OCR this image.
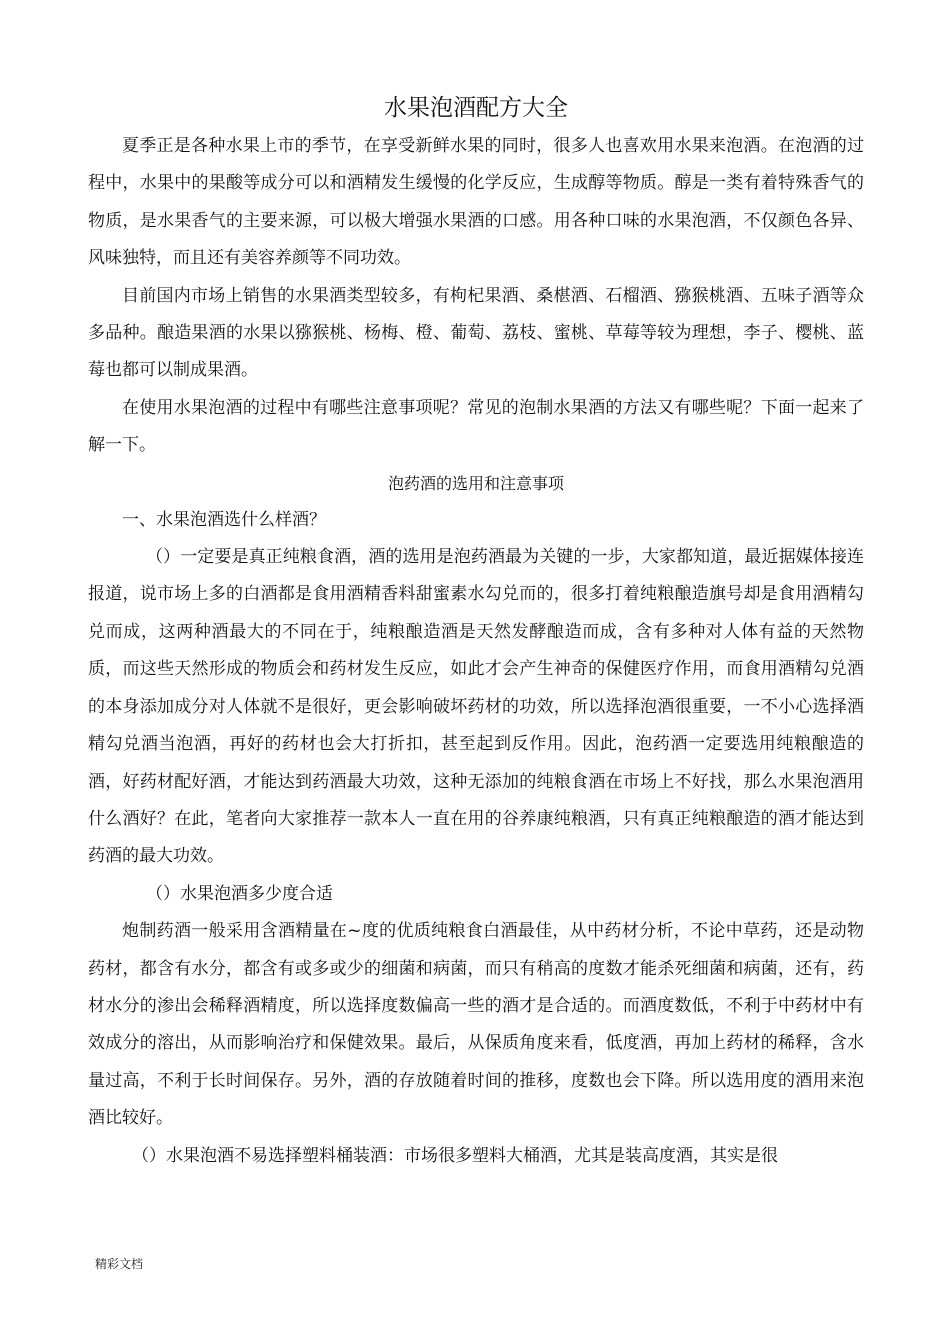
水果泡酒配方大全

夏季正是各种水果上市的季节，在享受新鲜水果的同时，很多人也喜欢用水果来泡酒。在泡酒的过程中，水果中的果酸等成分可以和酒精发生缓慢的化学反应，生成醇等物质。醇是一类有着特殊香气的物质，是水果香气的主要来源，可以极大增强水果酒的口感。用各种口味的水果泡酒，不仅颜色各异、风味独特，而且还有美容养颜等不同功效。

目前国内市场上销售的水果酒类型较多，有枸杞果酒、桑椹酒、石榴酒、猕猴桃酒、五味子酒等众多品种。酿造果酒的水果以猕猴桃、杨梅、橙、葡萄、荔枝、蜜桃、草莓等较为理想，李子、樱桃、蓝莓也都可以制成果酒。

在使用水果泡酒的过程中有哪些注意事项呢？常见的泡制水果酒的方法又有哪些呢？下面一起来了解一下。

泡药酒的选用和注意事项

一、水果泡酒选什么样酒？

（）一定要是真正纯粮食酒，酒的选用是泡药酒最为关键的一步，大家都知道，最近据媒体接连报道，说市场上多的白酒都是食用酒精香料甜蜜素水勾兑而的，很多打着纯粮酿造旗号却是食用酒精勾兑而成，这两种酒最大的不同在于，纯粮酿造酒是天然发酵酿造而成，含有多种对人体有益的天然物质，而这些天然形成的物质会和药材发生反应，如此才会产生神奇的保健医疗作用，而食用酒精勾兑酒的本身添加成分对人体就不是很好，更会影响破坏药材的功效，所以选择泡酒很重要，一不小心选择酒精勾兑酒当泡酒，再好的药材也会大打折扣，甚至起到反作用。因此，泡药酒一定要选用纯粮酿造的酒，好药材配好酒，才能达到药酒最大功效，这种无添加的纯粮食酒在市场上不好找，那么水果泡酒用什么酒好？在此，笔者向大家推荐一款本人一直在用的谷养康纯粮酒，只有真正纯粮酿造的酒才能达到药酒的最大功效。

（）水果泡酒多少度合适

炮制药酒一般采用含酒精量在~度的优质纯粮食白酒最佳，从中药材分析，不论中草药，还是动物药材，都含有水分，都含有或多或少的细菌和病菌，而只有稍高的度数才能杀死细菌和病菌，还有，药材水分的渗出会稀释酒精度，所以选择度数偏高一些的酒才是合适的。而酒度数低，不利于中药材中有效成分的溶出，从而影响治疗和保健效果。最后，从保质角度来看，低度酒，再加上药材的稀释，含水量过高，不利于长时间保存。另外，酒的存放随着时间的推移，度数也会下降。所以选用度的酒用来泡酒比较好。

（）水果泡酒不易选择塑料桶装酒：市场很多塑料大桶酒，尤其是装高度酒，其实是很

精彩文档
